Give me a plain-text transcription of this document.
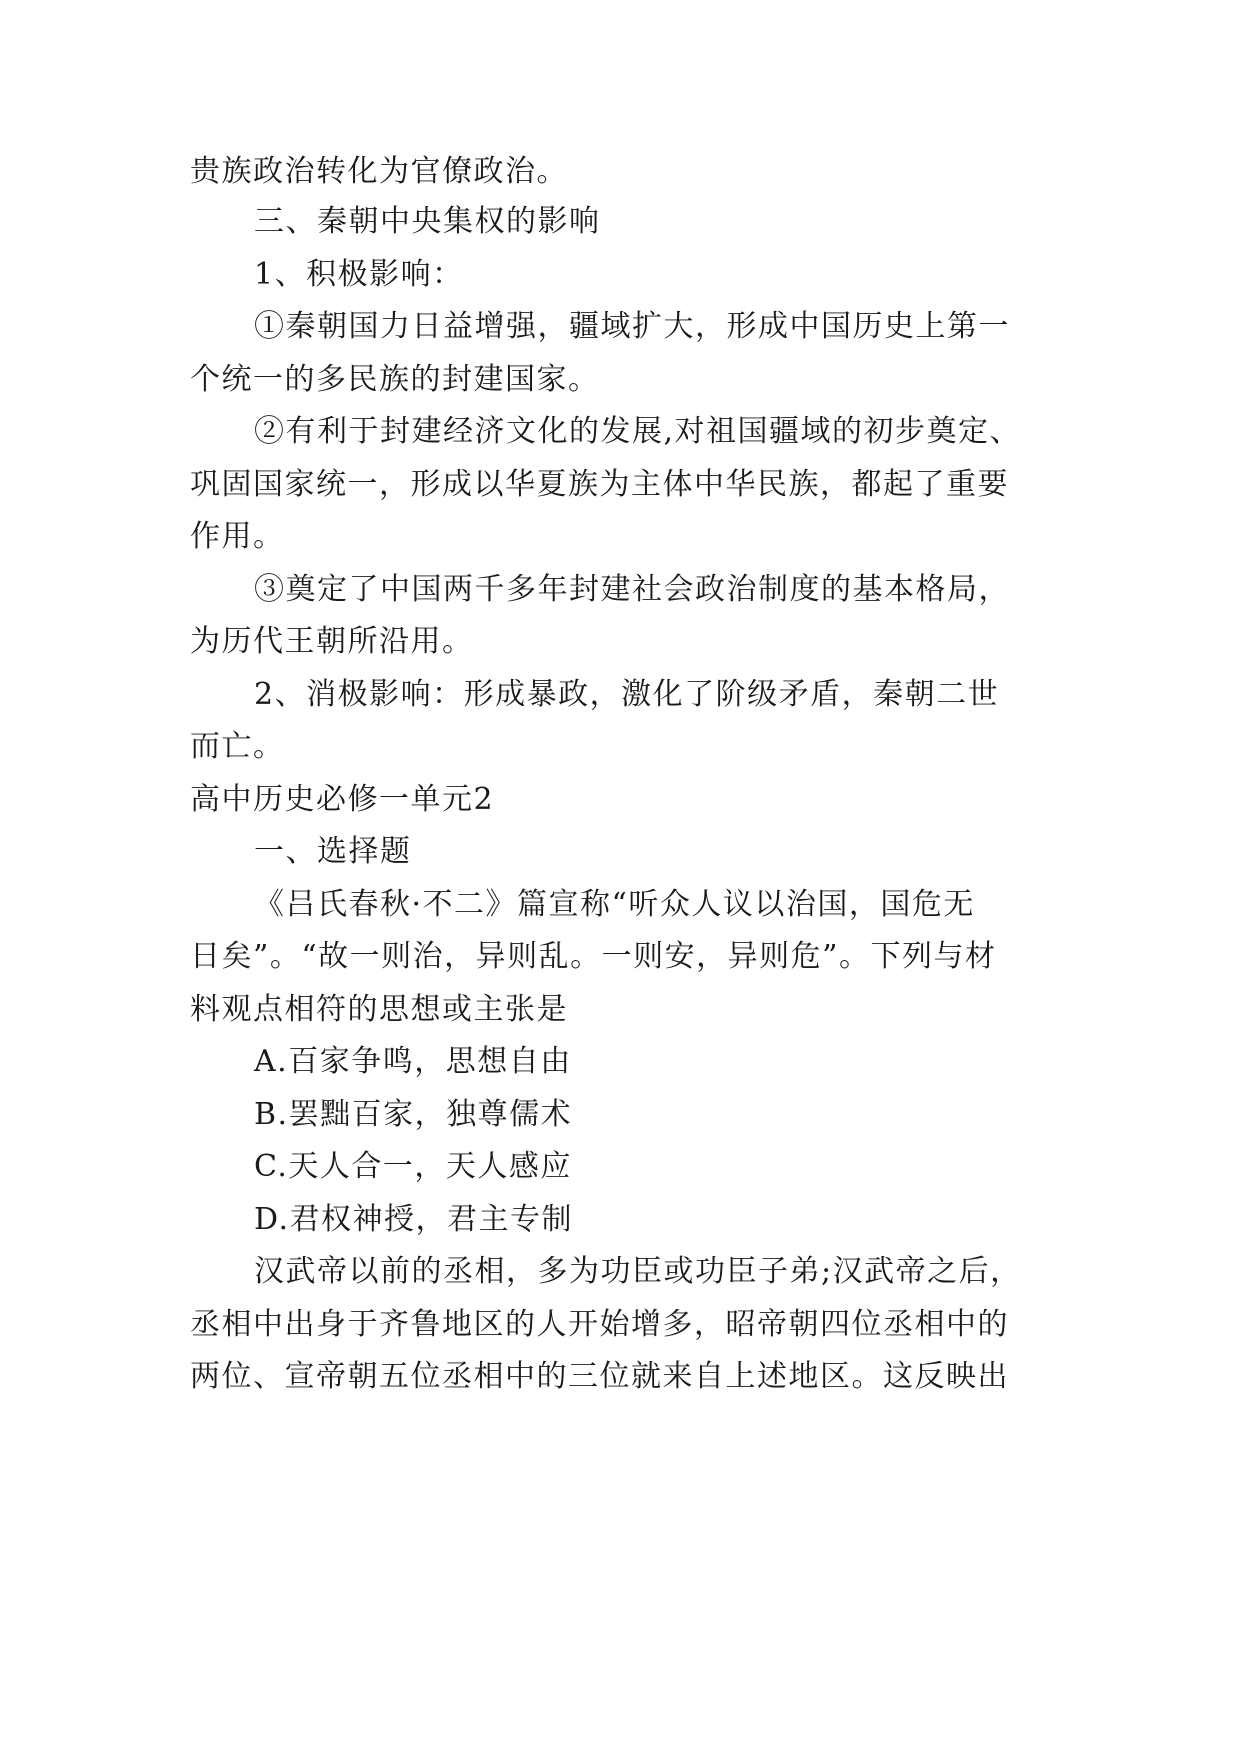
贵族政治转化为官僚政治。
三、秦朝中央集权的影响
1、积极影响：
①秦朝国力日益增强，疆域扩大，形成中国历史上第一
个统一的多民族的封建国家。
②有利于封建经济文化的发展,对祖国疆域的初步奠定、
巩固国家统一，形成以华夏族为主体中华民族，都起了重要
作用。
③奠定了中国两千多年封建社会政治制度的基本格局，
为历代王朝所沿用。
2、消极影响：形成暴政，激化了阶级矛盾，秦朝二世
而亡。
高中历史必修一单元2
一、选择题
《吕氏春秋·不二》篇宣称“听众人议以治国，国危无
日矣”。“故一则治，异则乱。一则安，异则危”。下列与材
料观点相符的思想或主张是
A.百家争鸣，思想自由
B.罢黜百家，独尊儒术
C.天人合一，天人感应
D.君权神授，君主专制
汉武帝以前的丞相，多为功臣或功臣子弟;汉武帝之后，
丞相中出身于齐鲁地区的人开始增多，昭帝朝四位丞相中的
两位、宣帝朝五位丞相中的三位就来自上述地区。这反映出
